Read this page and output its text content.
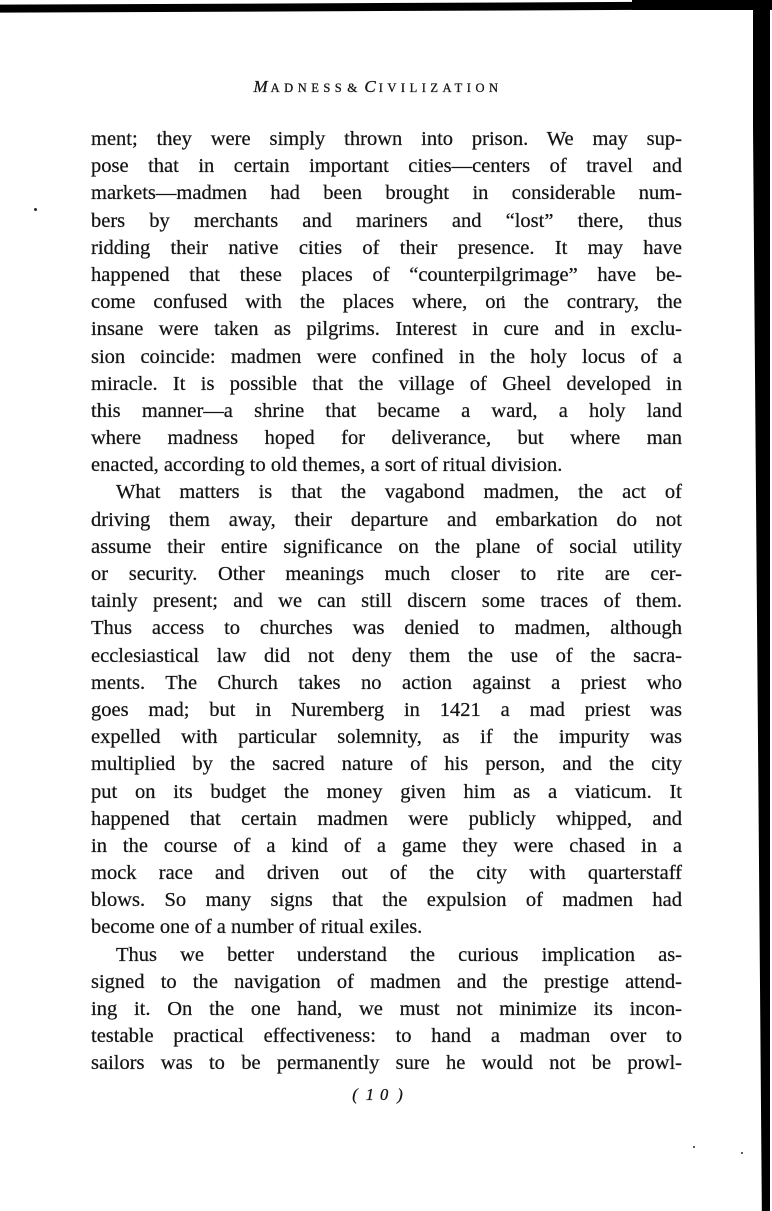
MADNESS& CIVILIZATION
ment; they were simply thrown into prison. We may sup-
pose that in certain important cities—centers of travel and
markets—madmen had been brought in considerable num-
bers by merchants and mariners and “lost” there, thus
ridding their native cities of their presence. It may have
happened that these places of “counterpilgrimage” have be-
come confused with the places where, on the contrary, the
insane were taken as pilgrims. Interest in cure and in exclu-
sion coincide: madmen were confined in the holy locus of a
miracle. It is possible that the village of Gheel developed in
this manner—a shrine that became a ward, a holy land
where madness hoped for deliverance, but where man
enacted, according to old themes, a sort of ritual division.
What matters is that the vagabond madmen, the act of
driving them away, their departure and embarkation do not
assume their entire significance on the plane of social utility
or security. Other meanings much closer to rite are cer-
tainly present; and we can still discern some traces of them.
Thus access to churches was denied to madmen, although
ecclesiastical law did not deny them the use of the sacra-
ments. The Church takes no action against a priest who
goes mad; but in Nuremberg in 1421 a mad priest was
expelled with particular solemnity, as if the impurity was
multiplied by the sacred nature of his person, and the city
put on its budget the money given him as a viaticum. It
happened that certain madmen were publicly whipped, and
in the course of a kind of a game they were chased in a
mock race and driven out of the city with quarterstaff
blows. So many signs that the expulsion of madmen had
become one of a number of ritual exiles.
Thus we better understand the curious implication as-
signed to the navigation of madmen and the prestige attend-
ing it. On the one hand, we must not minimize its incon-
testable practical effectiveness: to hand a madman over to
sailors was to be permanently sure he would not be prowl-
( 10 )
